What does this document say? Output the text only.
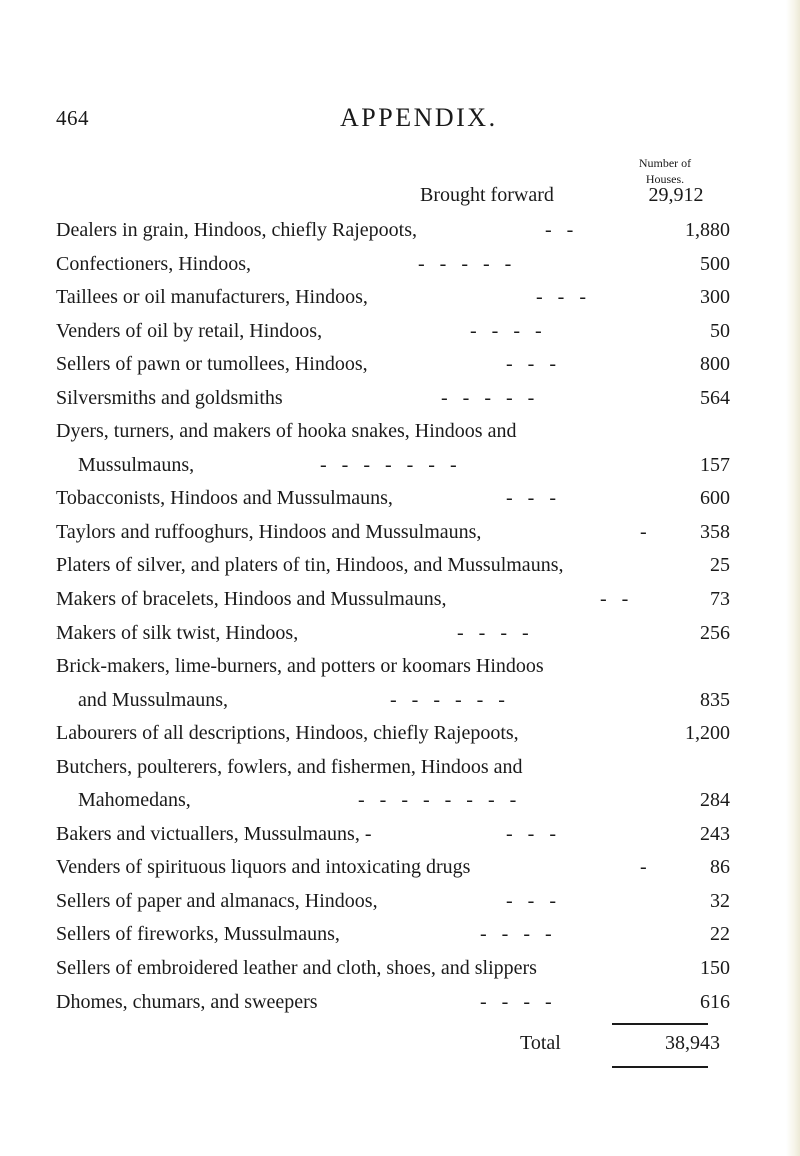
464	APPENDIX.
Number of
Houses.
Brought forward	29,912
Dealers in grain, Hindoos, chiefly Rajepoots,	-   -	1,880
Confectioners, Hindoos,	-   -   -   -   -	500
Taillees or oil manufacturers, Hindoos,	-   -   -	300
Venders of oil by retail, Hindoos,	-   -   -   -	50
Sellers of pawn or tumollees, Hindoos,	-   -   -	800
Silversmiths and goldsmiths	-   -   -   -   -	564
Dyers, turners, and makers of hooka snakes, Hindoos and
Mussulmauns,	-   -   -   -   -   -   -	157
Tobacconists, Hindoos and Mussulmauns,	-   -   -	600
Taylors and ruffooghurs, Hindoos and Mussulmauns,	-	358
Platers of silver, and platers of tin, Hindoos, and Mussulmauns,	25
Makers of bracelets, Hindoos and Mussulmauns,	-   -	73
Makers of silk twist, Hindoos,	-   -   -   -	256
Brick-makers, lime-burners, and potters or koomars Hindoos
and Mussulmauns,	-   -   -   -   -   -	835
Labourers of all descriptions, Hindoos, chiefly Rajepoots,	1,200
Butchers, poulterers, fowlers, and fishermen, Hindoos and
Mahomedans,	-   -   -   -   -   -   -   -	284
Bakers and victuallers, Mussulmauns, -	-   -   -	243
Venders of spirituous liquors and intoxicating drugs	-	86
Sellers of paper and almanacs, Hindoos,	-   -   -	32
Sellers of fireworks, Mussulmauns,	-   -   -   -	22
Sellers of embroidered leather and cloth, shoes, and slippers	150
Dhomes, chumars, and sweepers	-   -   -   -	616
Total	38,943
